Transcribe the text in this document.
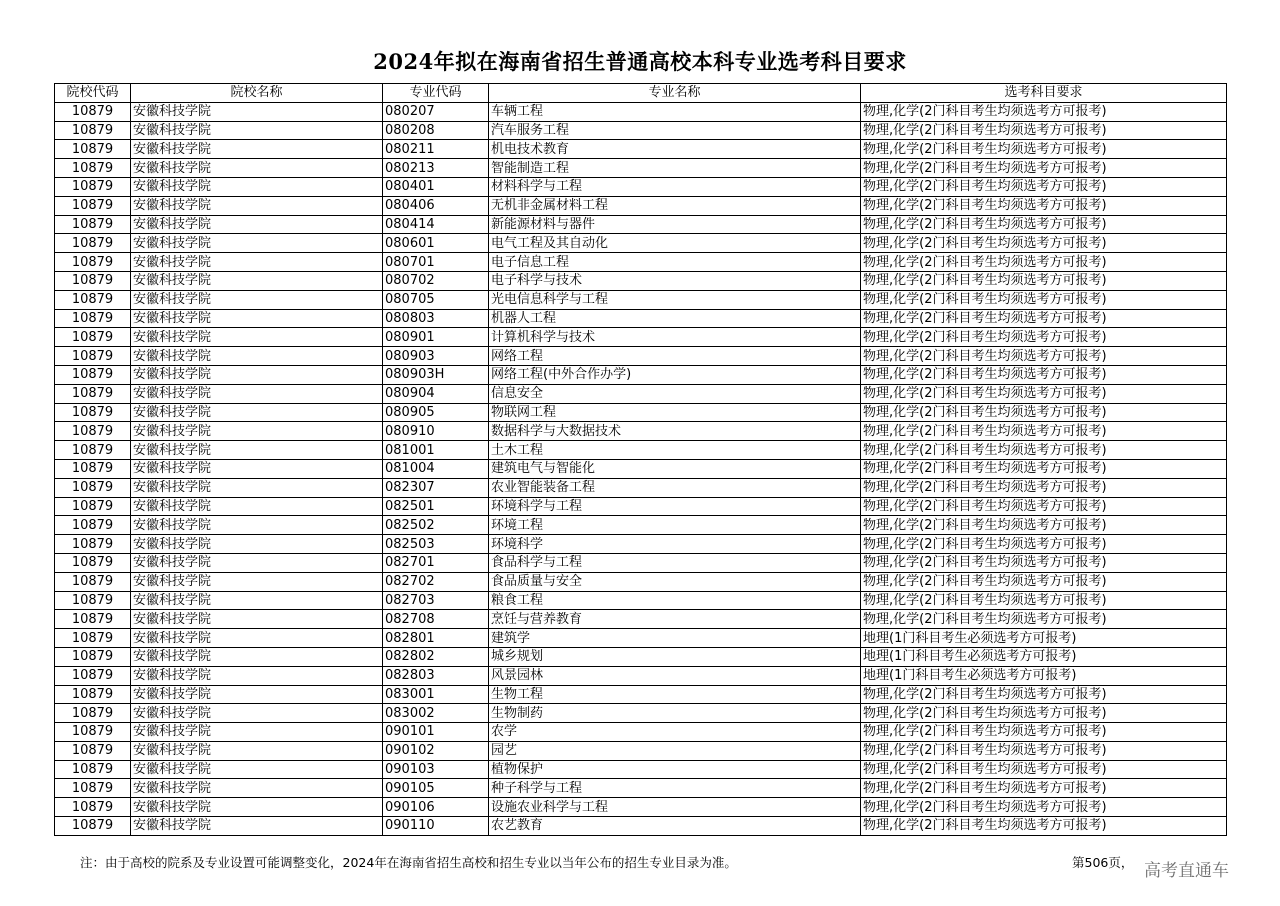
2024年拟在海南省招生普通高校本科专业选考科目要求
院校代码	院校名称	专业代码	专业名称	选考科目要求
10879	安徽科技学院	080207	车辆工程	物理,化学(2门科目考生均须选考方可报考)
10879	安徽科技学院	080208	汽车服务工程	物理,化学(2门科目考生均须选考方可报考)
10879	安徽科技学院	080211	机电技术教育	物理,化学(2门科目考生均须选考方可报考)
10879	安徽科技学院	080213	智能制造工程	物理,化学(2门科目考生均须选考方可报考)
10879	安徽科技学院	080401	材料科学与工程	物理,化学(2门科目考生均须选考方可报考)
10879	安徽科技学院	080406	无机非金属材料工程	物理,化学(2门科目考生均须选考方可报考)
10879	安徽科技学院	080414	新能源材料与器件	物理,化学(2门科目考生均须选考方可报考)
10879	安徽科技学院	080601	电气工程及其自动化	物理,化学(2门科目考生均须选考方可报考)
10879	安徽科技学院	080701	电子信息工程	物理,化学(2门科目考生均须选考方可报考)
10879	安徽科技学院	080702	电子科学与技术	物理,化学(2门科目考生均须选考方可报考)
10879	安徽科技学院	080705	光电信息科学与工程	物理,化学(2门科目考生均须选考方可报考)
10879	安徽科技学院	080803	机器人工程	物理,化学(2门科目考生均须选考方可报考)
10879	安徽科技学院	080901	计算机科学与技术	物理,化学(2门科目考生均须选考方可报考)
10879	安徽科技学院	080903	网络工程	物理,化学(2门科目考生均须选考方可报考)
10879	安徽科技学院	080903H	网络工程(中外合作办学)	物理,化学(2门科目考生均须选考方可报考)
10879	安徽科技学院	080904	信息安全	物理,化学(2门科目考生均须选考方可报考)
10879	安徽科技学院	080905	物联网工程	物理,化学(2门科目考生均须选考方可报考)
10879	安徽科技学院	080910	数据科学与大数据技术	物理,化学(2门科目考生均须选考方可报考)
10879	安徽科技学院	081001	土木工程	物理,化学(2门科目考生均须选考方可报考)
10879	安徽科技学院	081004	建筑电气与智能化	物理,化学(2门科目考生均须选考方可报考)
10879	安徽科技学院	082307	农业智能装备工程	物理,化学(2门科目考生均须选考方可报考)
10879	安徽科技学院	082501	环境科学与工程	物理,化学(2门科目考生均须选考方可报考)
10879	安徽科技学院	082502	环境工程	物理,化学(2门科目考生均须选考方可报考)
10879	安徽科技学院	082503	环境科学	物理,化学(2门科目考生均须选考方可报考)
10879	安徽科技学院	082701	食品科学与工程	物理,化学(2门科目考生均须选考方可报考)
10879	安徽科技学院	082702	食品质量与安全	物理,化学(2门科目考生均须选考方可报考)
10879	安徽科技学院	082703	粮食工程	物理,化学(2门科目考生均须选考方可报考)
10879	安徽科技学院	082708	烹饪与营养教育	物理,化学(2门科目考生均须选考方可报考)
10879	安徽科技学院	082801	建筑学	地理(1门科目考生必须选考方可报考)
10879	安徽科技学院	082802	城乡规划	地理(1门科目考生必须选考方可报考)
10879	安徽科技学院	082803	风景园林	地理(1门科目考生必须选考方可报考)
10879	安徽科技学院	083001	生物工程	物理,化学(2门科目考生均须选考方可报考)
10879	安徽科技学院	083002	生物制药	物理,化学(2门科目考生均须选考方可报考)
10879	安徽科技学院	090101	农学	物理,化学(2门科目考生均须选考方可报考)
10879	安徽科技学院	090102	园艺	物理,化学(2门科目考生均须选考方可报考)
10879	安徽科技学院	090103	植物保护	物理,化学(2门科目考生均须选考方可报考)
10879	安徽科技学院	090105	种子科学与工程	物理,化学(2门科目考生均须选考方可报考)
10879	安徽科技学院	090106	设施农业科学与工程	物理,化学(2门科目考生均须选考方可报考)
10879	安徽科技学院	090110	农艺教育	物理,化学(2门科目考生均须选考方可报考)
注：由于高校的院系及专业设置可能调整变化，2024年在海南省招生高校和招生专业以当年公布的招生专业目录为准。	第506页， 高考直通车
